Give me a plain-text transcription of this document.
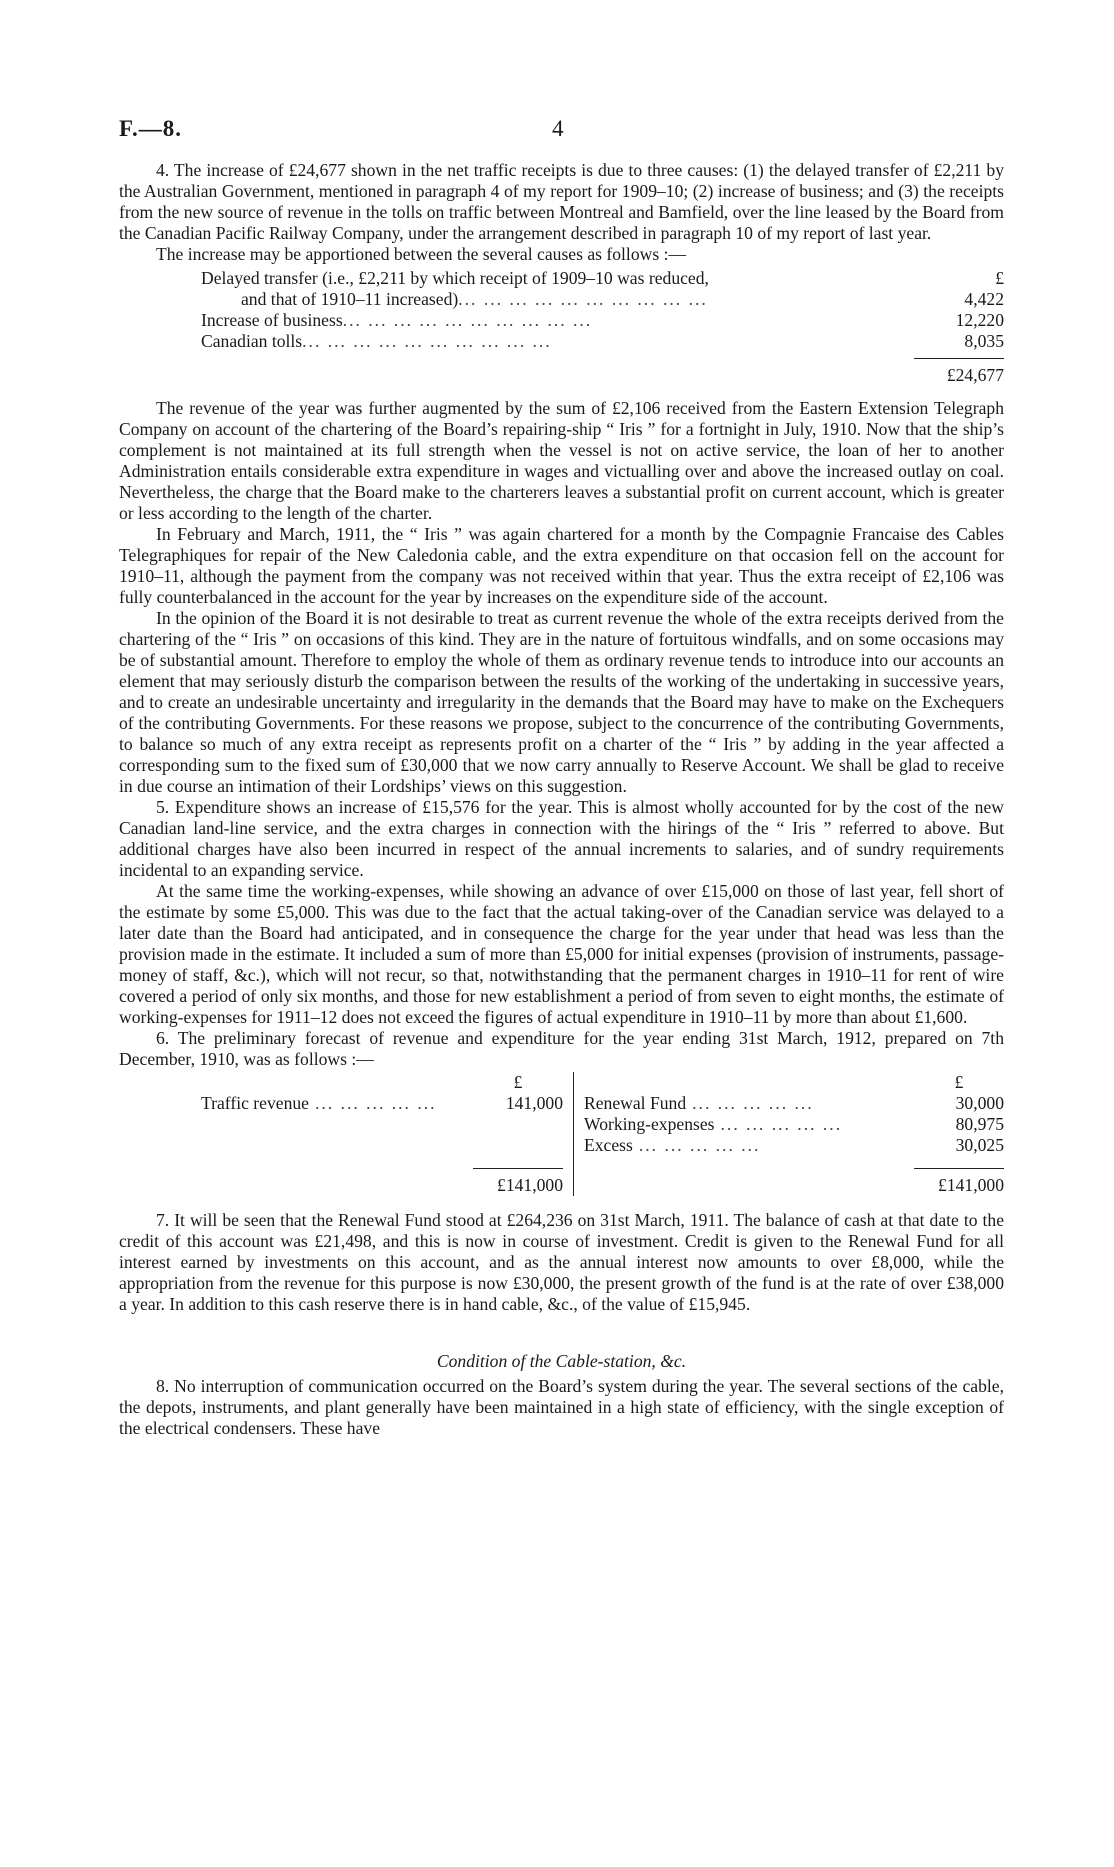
F.—8.	4

4. The increase of £24,677 shown in the net traffic receipts is due to three causes: (1) the delayed transfer of £2,211 by the Australian Government, mentioned in paragraph 4 of my report for 1909–10; (2) increase of business; and (3) the receipts from the new source of revenue in the tolls on traffic between Montreal and Bamfield, over the line leased by the Board from the Canadian Pacific Railway Company, under the arrangement described in paragraph 10 of my report of last year.

The increase may be apportioned between the several causes as follows :—

Delayed transfer (i.e., £2,211 by which receipt of 1909–10 was reduced,	£
and that of 1910–11 increased) ... ... ... ... ... ... ... ... ... ...	4,422
Increase of business ... ... ... ... ... ... ... ... ... ...	12,220
Canadian tolls ... ... ... ... ... ... ... ... ... ...	8,035
£24,677

The revenue of the year was further augmented by the sum of £2,106 received from the Eastern Extension Telegraph Company on account of the chartering of the Board’s repairing-ship “ Iris ” for a fortnight in July, 1910. Now that the ship’s complement is not maintained at its full strength when the vessel is not on active service, the loan of her to another Administration entails considerable extra expenditure in wages and victualling over and above the increased outlay on coal. Nevertheless, the charge that the Board make to the charterers leaves a substantial profit on current account, which is greater or less according to the length of the charter.

In February and March, 1911, the “ Iris ” was again chartered for a month by the Compagnie Francaise des Cables Telegraphiques for repair of the New Caledonia cable, and the extra expenditure on that occasion fell on the account for 1910–11, although the payment from the company was not received within that year. Thus the extra receipt of £2,106 was fully counterbalanced in the account for the year by increases on the expenditure side of the account.

In the opinion of the Board it is not desirable to treat as current revenue the whole of the extra receipts derived from the chartering of the “ Iris ” on occasions of this kind. They are in the nature of fortuitous windfalls, and on some occasions may be of substantial amount. Therefore to employ the whole of them as ordinary revenue tends to introduce into our accounts an element that may seriously disturb the comparison between the results of the working of the undertaking in successive years, and to create an undesirable uncertainty and irregularity in the demands that the Board may have to make on the Exchequers of the contributing Governments. For these reasons we propose, subject to the concurrence of the contributing Governments, to balance so much of any extra receipt as represents profit on a charter of the “ Iris ” by adding in the year affected a corresponding sum to the fixed sum of £30,000 that we now carry annually to Reserve Account. We shall be glad to receive in due course an intimation of their Lordships’ views on this suggestion.

5. Expenditure shows an increase of £15,576 for the year. This is almost wholly accounted for by the cost of the new Canadian land-line service, and the extra charges in connection with the hirings of the “ Iris ” referred to above. But additional charges have also been incurred in respect of the annual increments to salaries, and of sundry requirements incidental to an expanding service.

At the same time the working-expenses, while showing an advance of over £15,000 on those of last year, fell short of the estimate by some £5,000. This was due to the fact that the actual taking-over of the Canadian service was delayed to a later date than the Board had anticipated, and in consequence the charge for the year under that head was less than the provision made in the estimate. It included a sum of more than £5,000 for initial expenses (provision of instruments, passage-money of staff, &c.), which will not recur, so that, notwithstanding that the permanent charges in 1910–11 for rent of wire covered a period of only six months, and those for new establishment a period of from seven to eight months, the estimate of working-expenses for 1911–12 does not exceed the figures of actual expenditure in 1910–11 by more than about £1,600.

6. The preliminary forecast of revenue and expenditure for the year ending 31st March, 1912, prepared on 7th December, 1910, was as follows :—

£
Traffic revenue ... ... ... ... ...	141,000
£141,000
£
Renewal Fund ... ... ... ... ...	30,000
Working-expenses ... ... ... ... ...	80,975
Excess ... ... ... ... ...	30,025
£141,000

7. It will be seen that the Renewal Fund stood at £264,236 on 31st March, 1911. The balance of cash at that date to the credit of this account was £21,498, and this is now in course of investment. Credit is given to the Renewal Fund for all interest earned by investments on this account, and as the annual interest now amounts to over £8,000, while the appropriation from the revenue for this purpose is now £30,000, the present growth of the fund is at the rate of over £38,000 a year. In addition to this cash reserve there is in hand cable, &c., of the value of £15,945.

Condition of the Cable-station, &c.

8. No interruption of communication occurred on the Board’s system during the year. The several sections of the cable, the depots, instruments, and plant generally have been maintained in a high state of efficiency, with the single exception of the electrical condensers. These have
